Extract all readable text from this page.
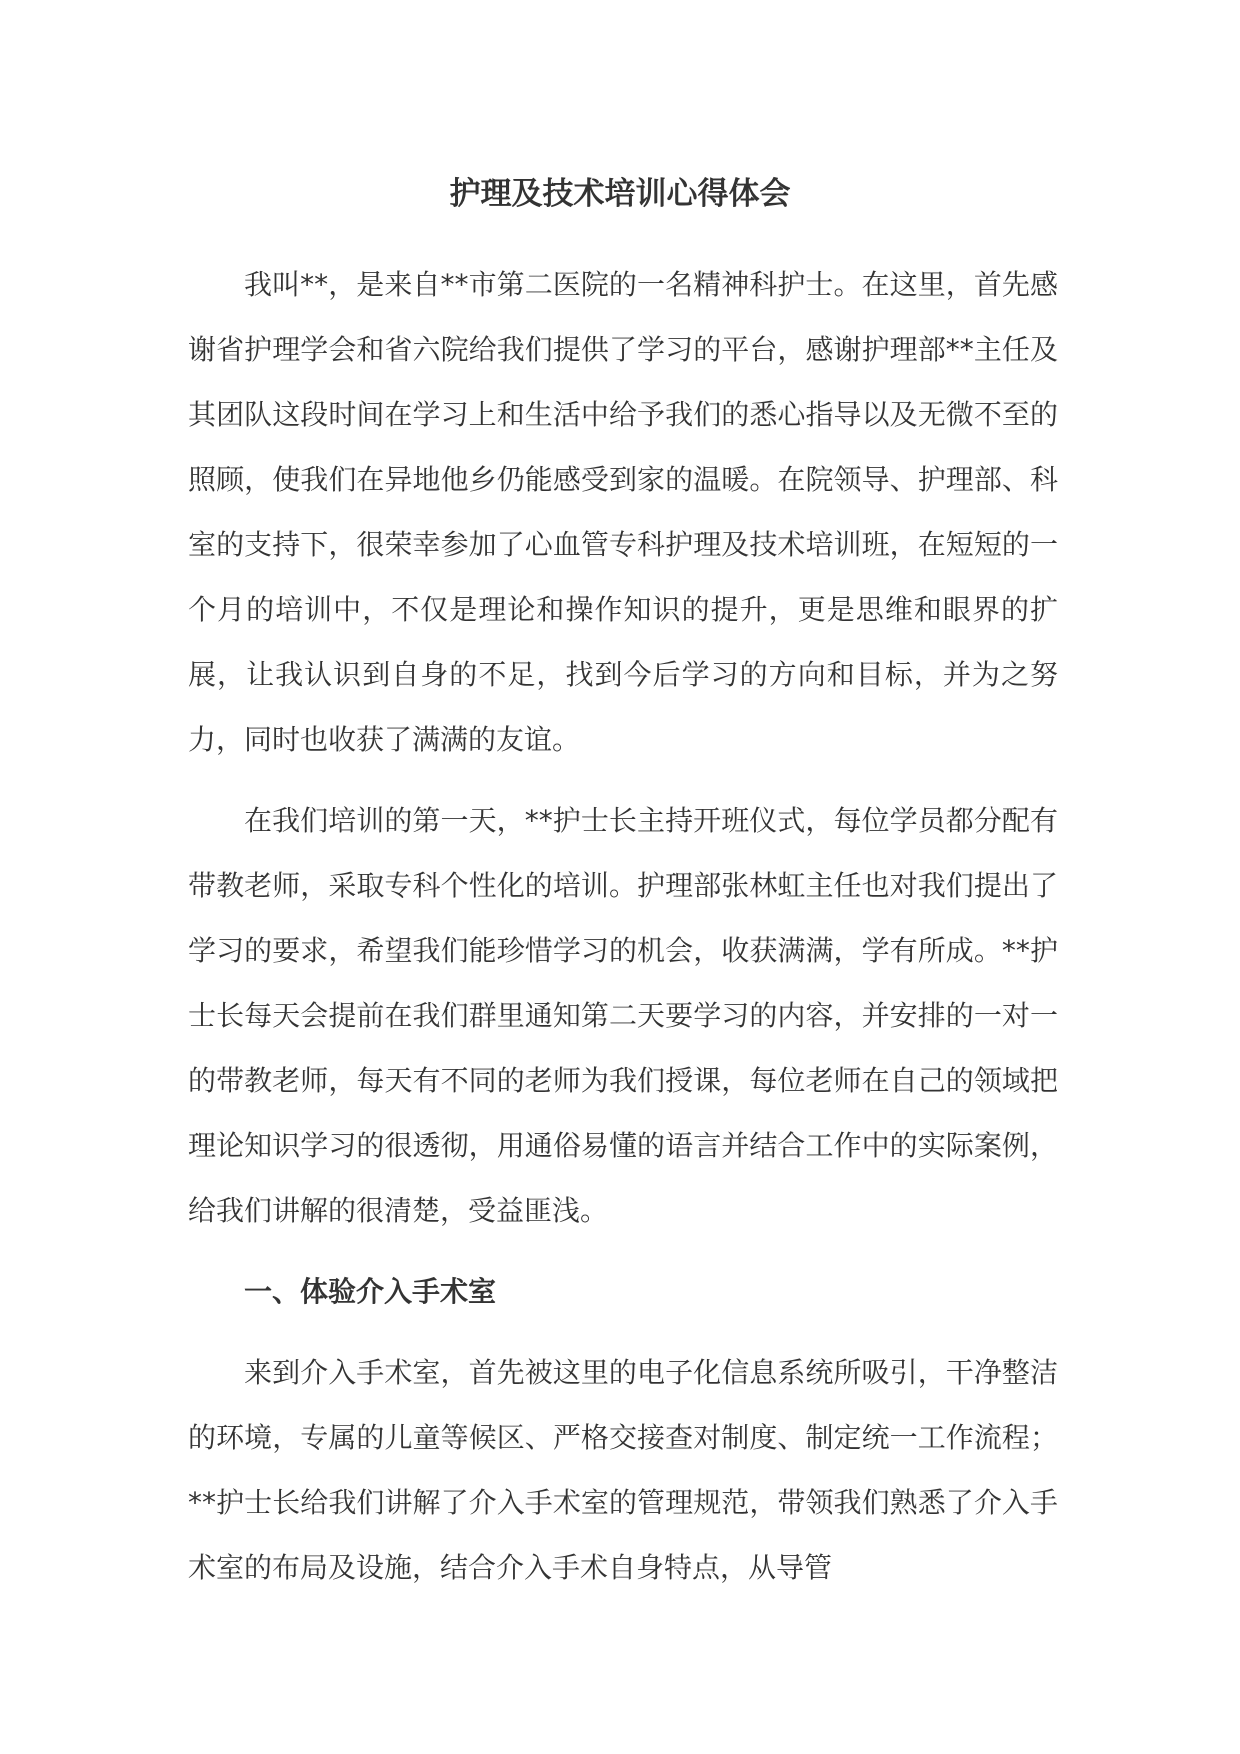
护理及技术培训心得体会

我叫**，是来自**市第二医院的一名精神科护士。在这里，首先感谢省护理学会和省六院给我们提供了学习的平台，感谢护理部**主任及其团队这段时间在学习上和生活中给予我们的悉心指导以及无微不至的照顾，使我们在异地他乡仍能感受到家的温暖。在院领导、护理部、科室的支持下，很荣幸参加了心血管专科护理及技术培训班，在短短的一个月的培训中，不仅是理论和操作知识的提升，更是思维和眼界的扩展，让我认识到自身的不足，找到今后学习的方向和目标，并为之努力，同时也收获了满满的友谊。

在我们培训的第一天，**护士长主持开班仪式，每位学员都分配有带教老师，采取专科个性化的培训。护理部张林虹主任也对我们提出了学习的要求，希望我们能珍惜学习的机会，收获满满，学有所成。**护士长每天会提前在我们群里通知第二天要学习的内容，并安排的一对一的带教老师，每天有不同的老师为我们授课，每位老师在自己的领域把理论知识学习的很透彻，用通俗易懂的语言并结合工作中的实际案例，给我们讲解的很清楚，受益匪浅。

一、体验介入手术室

来到介入手术室，首先被这里的电子化信息系统所吸引，干净整洁的环境，专属的儿童等候区、严格交接查对制度、制定统一工作流程；**护士长给我们讲解了介入手术室的管理规范，带领我们熟悉了介入手术室的布局及设施，结合介入手术自身特点，从导管
